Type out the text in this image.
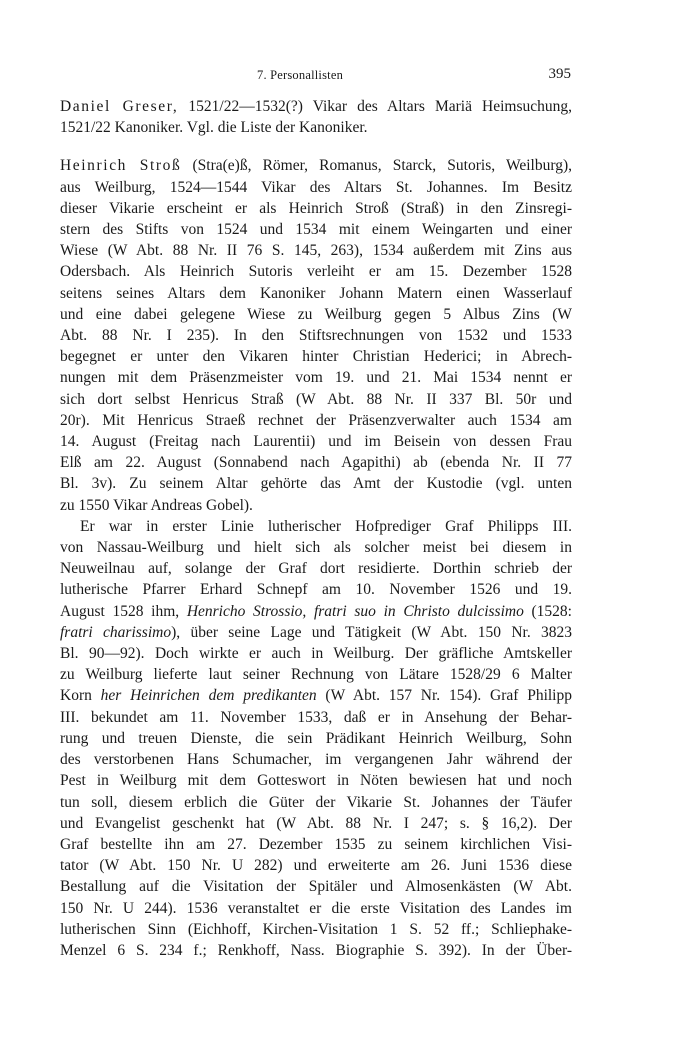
7. Personallisten	395
Daniel Greser, 1521/22—1532(?) Vikar des Altars Mariä Heimsuchung,
1521/22 Kanoniker. Vgl. die Liste der Kanoniker.
Heinrich Stroß (Stra(e)ß, Römer, Romanus, Starck, Sutoris, Weilburg),
aus Weilburg, 1524—1544 Vikar des Altars St. Johannes. Im Besitz
dieser Vikarie erscheint er als Heinrich Stroß (Straß) in den Zinsregi-
stern des Stifts von 1524 und 1534 mit einem Weingarten und einer
Wiese (W Abt. 88 Nr. II 76 S. 145, 263), 1534 außerdem mit Zins aus
Odersbach. Als Heinrich Sutoris verleiht er am 15. Dezember 1528
seitens seines Altars dem Kanoniker Johann Matern einen Wasserlauf
und eine dabei gelegene Wiese zu Weilburg gegen 5 Albus Zins (W
Abt. 88 Nr. I 235). In den Stiftsrechnungen von 1532 und 1533
begegnet er unter den Vikaren hinter Christian Hederici; in Abrech-
nungen mit dem Präsenzmeister vom 19. und 21. Mai 1534 nennt er
sich dort selbst Henricus Straß (W Abt. 88 Nr. II 337 Bl. 50r und
20r). Mit Henricus Straeß rechnet der Präsenzverwalter auch 1534 am
14. August (Freitag nach Laurentii) und im Beisein von dessen Frau
Elß am 22. August (Sonnabend nach Agapithi) ab (ebenda Nr. II 77
Bl. 3v). Zu seinem Altar gehörte das Amt der Kustodie (vgl. unten
zu 1550 Vikar Andreas Gobel).
Er war in erster Linie lutherischer Hofprediger Graf Philipps III.
von Nassau-Weilburg und hielt sich als solcher meist bei diesem in
Neuweilnau auf, solange der Graf dort residierte. Dorthin schrieb der
lutherische Pfarrer Erhard Schnepf am 10. November 1526 und 19.
August 1528 ihm, Henricho Strossio, fratri suo in Christo dulcissimo (1528:
fratri charissimo), über seine Lage und Tätigkeit (W Abt. 150 Nr. 3823
Bl. 90—92). Doch wirkte er auch in Weilburg. Der gräfliche Amtskeller
zu Weilburg lieferte laut seiner Rechnung von Lätare 1528/29 6 Malter
Korn her Heinrichen dem predikanten (W Abt. 157 Nr. 154). Graf Philipp
III. bekundet am 11. November 1533, daß er in Ansehung der Behar-
rung und treuen Dienste, die sein Prädikant Heinrich Weilburg, Sohn
des verstorbenen Hans Schumacher, im vergangenen Jahr während der
Pest in Weilburg mit dem Gotteswort in Nöten bewiesen hat und noch
tun soll, diesem erblich die Güter der Vikarie St. Johannes der Täufer
und Evangelist geschenkt hat (W Abt. 88 Nr. I 247; s. § 16,2). Der
Graf bestellte ihn am 27. Dezember 1535 zu seinem kirchlichen Visi-
tator (W Abt. 150 Nr. U 282) und erweiterte am 26. Juni 1536 diese
Bestallung auf die Visitation der Spitäler und Almosenkästen (W Abt.
150 Nr. U 244). 1536 veranstaltet er die erste Visitation des Landes im
lutherischen Sinn (Eichhoff, Kirchen-Visitation 1 S. 52 ff.; Schliephake-
Menzel 6 S. 234 f.; Renkhoff, Nass. Biographie S. 392). In der Über-
